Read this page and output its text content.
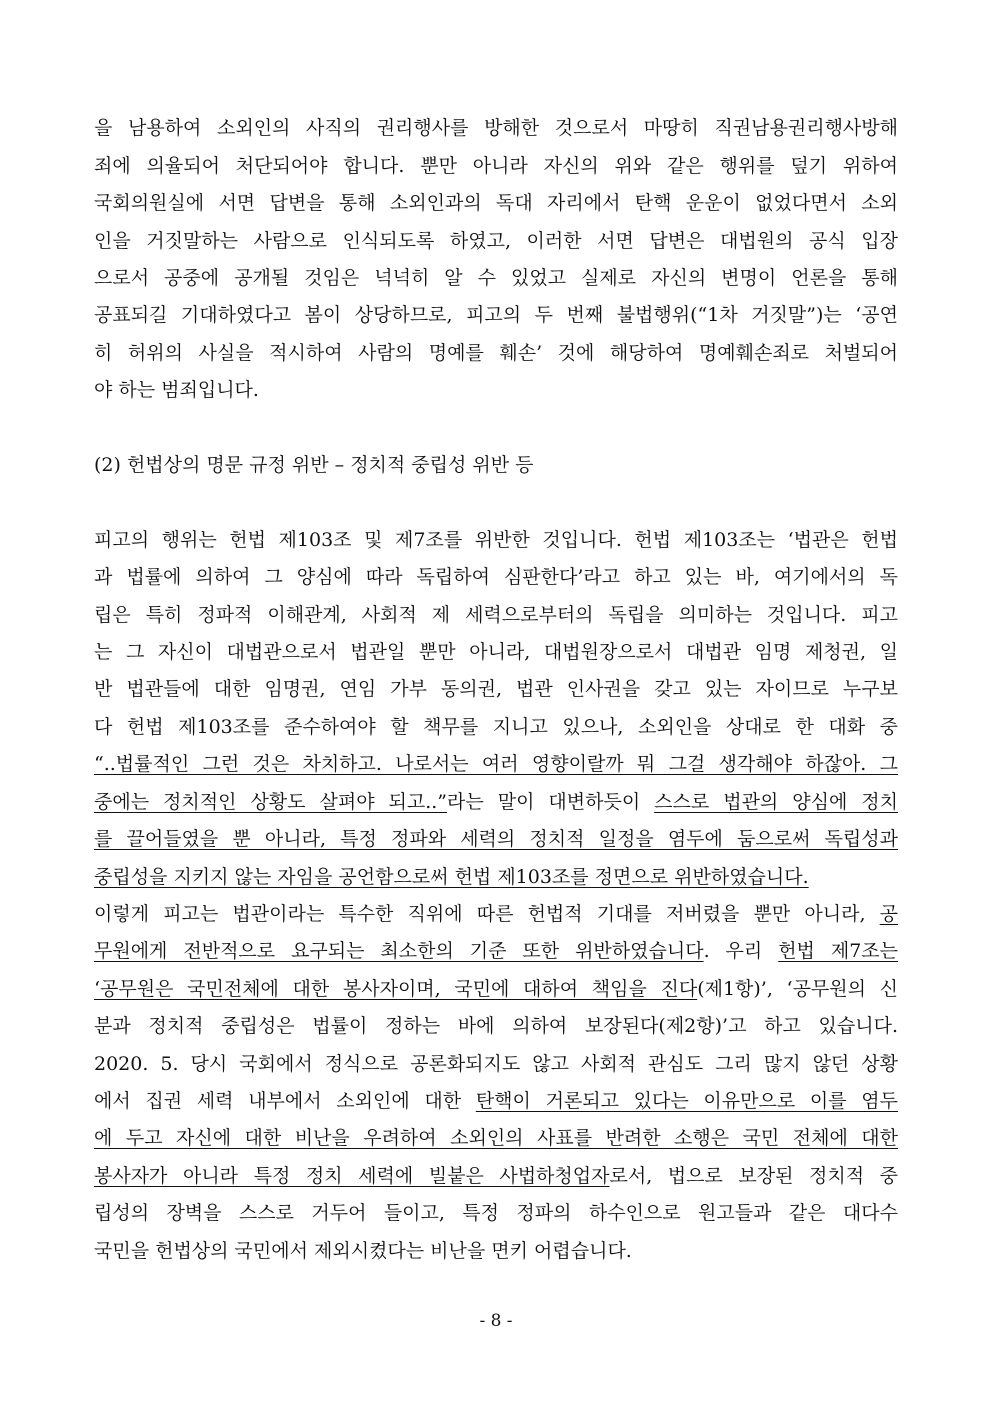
을 남용하여 소외인의 사직의 권리행사를 방해한 것으로서 마땅히 직권남용권리행사방해
죄에 의율되어 처단되어야 합니다. 뿐만 아니라 자신의 위와 같은 행위를 덮기 위하여
국회의원실에 서면 답변을 통해 소외인과의 독대 자리에서 탄핵 운운이 없었다면서 소외
인을 거짓말하는 사람으로 인식되도록 하였고, 이러한 서면 답변은 대법원의 공식 입장
으로서 공중에 공개될 것임은 넉넉히 알 수 있었고 실제로 자신의 변명이 언론을 통해
공표되길 기대하였다고 봄이 상당하므로, 피고의 두 번째 불법행위(“1차 거짓말”)는 ‘공연
히 허위의 사실을 적시하여 사람의 명예를 훼손’ 것에 해당하여 명예훼손죄로 처벌되어
야 하는 범죄입니다.
(2) 헌법상의 명문 규정 위반 – 정치적 중립성 위반 등
피고의 행위는 헌법 제103조 및 제7조를 위반한 것입니다. 헌법 제103조는 ‘법관은 헌법
과 법률에 의하여 그 양심에 따라 독립하여 심판한다’라고 하고 있는 바, 여기에서의 독
립은 특히 정파적 이해관계, 사회적 제 세력으로부터의 독립을 의미하는 것입니다. 피고
는 그 자신이 대법관으로서 법관일 뿐만 아니라, 대법원장으로서 대법관 임명 제청권, 일
반 법관들에 대한 임명권, 연임 가부 동의권, 법관 인사권을 갖고 있는 자이므로 누구보
다 헌법 제103조를 준수하여야 할 책무를 지니고 있으나, 소외인을 상대로 한 대화 중
“..법률적인 그런 것은 차치하고. 나로서는 여러 영향이랄까 뭐 그걸 생각해야 하잖아. 그
중에는 정치적인 상황도 살펴야 되고..”라는 말이 대변하듯이 스스로 법관의 양심에 정치
를 끌어들였을 뿐 아니라, 특정 정파와 세력의 정치적 일정을 염두에 둠으로써 독립성과
중립성을 지키지 않는 자임을 공언함으로써 헌법 제103조를 정면으로 위반하였습니다.
이렇게 피고는 법관이라는 특수한 직위에 따른 헌법적 기대를 저버렸을 뿐만 아니라, 공
무원에게 전반적으로 요구되는 최소한의 기준 또한 위반하였습니다. 우리 헌법 제7조는
‘공무원은 국민전체에 대한 봉사자이며, 국민에 대하여 책임을 진다(제1항)’, ‘공무원의 신
분과 정치적 중립성은 법률이 정하는 바에 의하여 보장된다(제2항)’고 하고 있습니다.
2020. 5. 당시 국회에서 정식으로 공론화되지도 않고 사회적 관심도 그리 많지 않던 상황
에서 집권 세력 내부에서 소외인에 대한 탄핵이 거론되고 있다는 이유만으로 이를 염두
에 두고 자신에 대한 비난을 우려하여 소외인의 사표를 반려한 소행은 국민 전체에 대한
봉사자가 아니라 특정 정치 세력에 빌붙은 사법하청업자로서, 법으로 보장된 정치적 중
립성의 장벽을 스스로 거두어 들이고, 특정 정파의 하수인으로 원고들과 같은 대다수
국민을 헌법상의 국민에서 제외시켰다는 비난을 면키 어렵습니다.
- 8 -
